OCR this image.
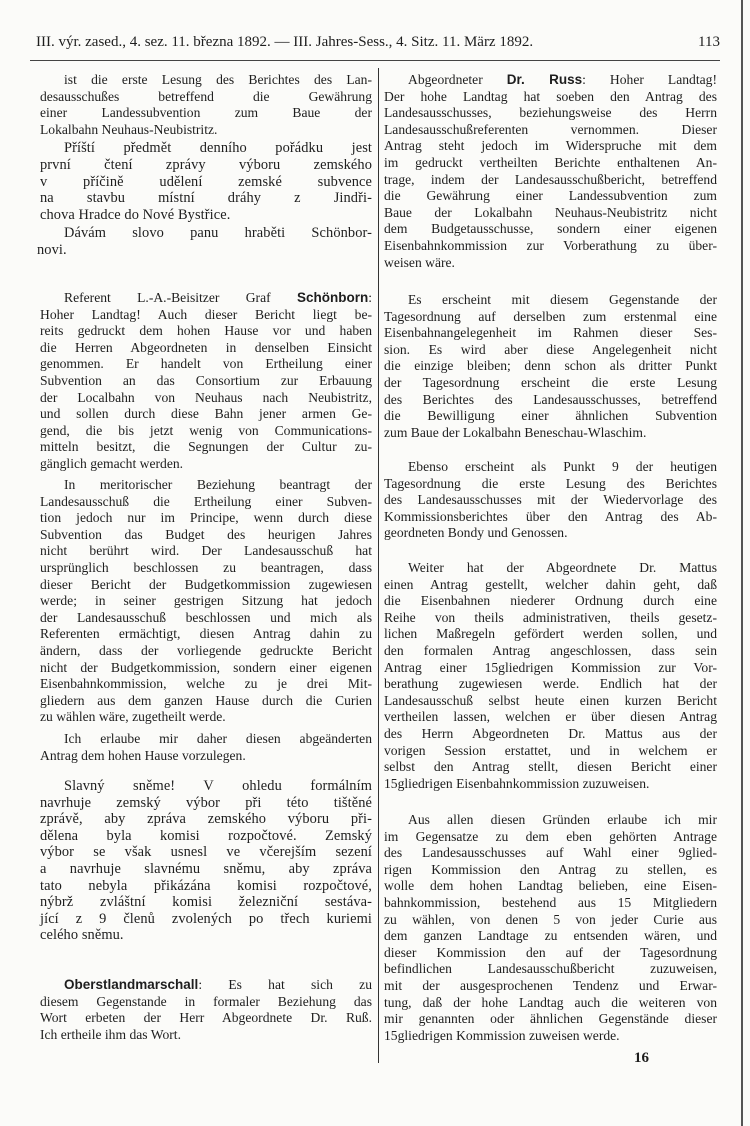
III. výr. zased., 4. sez. 11. března 1892. — III. Jahres-Sess., 4. Sitz. 11. März 1892.	113
ist die erste Lesung des Berichtes des Lan-
desausschußes betreffend die Gewährung
einer Landessubvention zum Baue der
Lokalbahn Neuhaus-Neubistritz.
Příští předmět denního pořádku jest
první čtení zprávy výboru zemského
v příčině udělení zemské subvence
na stavbu místní dráhy z Jindři-
chova Hradce do Nové Bystřice.
Dávám slovo panu hraběti Schönbor-
novi.
Referent L.-A.-Beisitzer Graf Schönborn:
Hoher Landtag! Auch dieser Bericht liegt be-
reits gedruckt dem hohen Hause vor und haben
die Herren Abgeordneten in denselben Einsicht
genommen. Er handelt von Ertheilung einer
Subvention an das Consortium zur Erbauung
der Localbahn von Neuhaus nach Neubistritz,
und sollen durch diese Bahn jener armen Ge-
gend, die bis jetzt wenig von Communications-
mitteln besitzt, die Segnungen der Cultur zu-
gänglich gemacht werden.
In meritorischer Beziehung beantragt der
Landesausschuß die Ertheilung einer Subven-
tion jedoch nur im Principe, wenn durch diese
Subvention das Budget des heurigen Jahres
nicht berührt wird. Der Landesausschuß hat
ursprünglich beschlossen zu beantragen, dass
dieser Bericht der Budgetkommission zugewiesen
werde; in seiner gestrigen Sitzung hat jedoch
der Landesausschuß beschlossen und mich als
Referenten ermächtigt, diesen Antrag dahin zu
ändern, dass der vorliegende gedruckte Bericht
nicht der Budgetkommission, sondern einer eigenen
Eisenbahnkommission, welche zu je drei Mit-
gliedern aus dem ganzen Hause durch die Curien
zu wählen wäre, zugetheilt werde.
Ich erlaube mir daher diesen abgeänderten
Antrag dem hohen Hause vorzulegen.
Slavný sněme! V ohledu formálním
navrhuje zemský výbor při této tištěné
zprávě, aby zpráva zemského výboru při-
dělena byla komisi rozpočtové. Zemský
výbor se však usnesl ve včerejším sezení
a navrhuje slavnému sněmu, aby zpráva
tato nebyla přikázána komisi rozpočtové,
nýbrž zvláštní komisi železniční sestáva-
jící z 9 členů zvolených po třech kuriemi
celého sněmu.
Oberstlandmarschall: Es hat sich zu
diesem Gegenstande in formaler Beziehung das
Wort erbeten der Herr Abgeordnete Dr. Ruß.
Ich ertheile ihm das Wort.
Abgeordneter Dr. Russ: Hoher Landtag!
Der hohe Landtag hat soeben den Antrag des
Landesausschusses, beziehungsweise des Herrn
Landesausschußreferenten vernommen. Dieser
Antrag steht jedoch im Widerspruche mit dem
im gedruckt vertheilten Berichte enthaltenen An-
trage, indem der Landesausschußbericht, betreffend
die Gewährung einer Landessubvention zum
Baue der Lokalbahn Neuhaus-Neubistritz nicht
dem Budgetausschusse, sondern einer eigenen
Eisenbahnkommission zur Vorberathung zu über-
weisen wäre.
Es erscheint mit diesem Gegenstande der
Tagesordnung auf derselben zum erstenmal eine
Eisenbahnangelegenheit im Rahmen dieser Ses-
sion. Es wird aber diese Angelegenheit nicht
die einzige bleiben; denn schon als dritter Punkt
der Tagesordnung erscheint die erste Lesung
des Berichtes des Landesausschusses, betreffend
die Bewilligung einer ähnlichen Subvention
zum Baue der Lokalbahn Beneschau-Wlaschim.
Ebenso erscheint als Punkt 9 der heutigen
Tagesordnung die erste Lesung des Berichtes
des Landesausschusses mit der Wiedervorlage des
Kommissionsberichtes über den Antrag des Ab-
geordneten Bondy und Genossen.
Weiter hat der Abgeordnete Dr. Mattus
einen Antrag gestellt, welcher dahin geht, daß
die Eisenbahnen niederer Ordnung durch eine
Reihe von theils administrativen, theils gesetz-
lichen Maßregeln gefördert werden sollen, und
den formalen Antrag angeschlossen, dass sein
Antrag einer 15gliedrigen Kommission zur Vor-
berathung zugewiesen werde. Endlich hat der
Landesausschuß selbst heute einen kurzen Bericht
vertheilen lassen, welchen er über diesen Antrag
des Herrn Abgeordneten Dr. Mattus aus der
vorigen Session erstattet, und in welchem er
selbst den Antrag stellt, diesen Bericht einer
15gliedrigen Eisenbahnkommission zuzuweisen.
Aus allen diesen Gründen erlaube ich mir
im Gegensatze zu dem eben gehörten Antrage
des Landesausschusses auf Wahl einer 9glied-
rigen Kommission den Antrag zu stellen, es
wolle dem hohen Landtag belieben, eine Eisen-
bahnkommission, bestehend aus 15 Mitgliedern
zu wählen, von denen 5 von jeder Curie aus
dem ganzen Landtage zu entsenden wären, und
dieser Kommission den auf der Tagesordnung
befindlichen Landesausschußbericht zuzuweisen,
mit der ausgesprochenen Tendenz und Erwar-
tung, daß der hohe Landtag auch die weiteren von
mir genannten oder ähnlichen Gegenstände dieser
15gliedrigen Kommission zuweisen werde.
16
